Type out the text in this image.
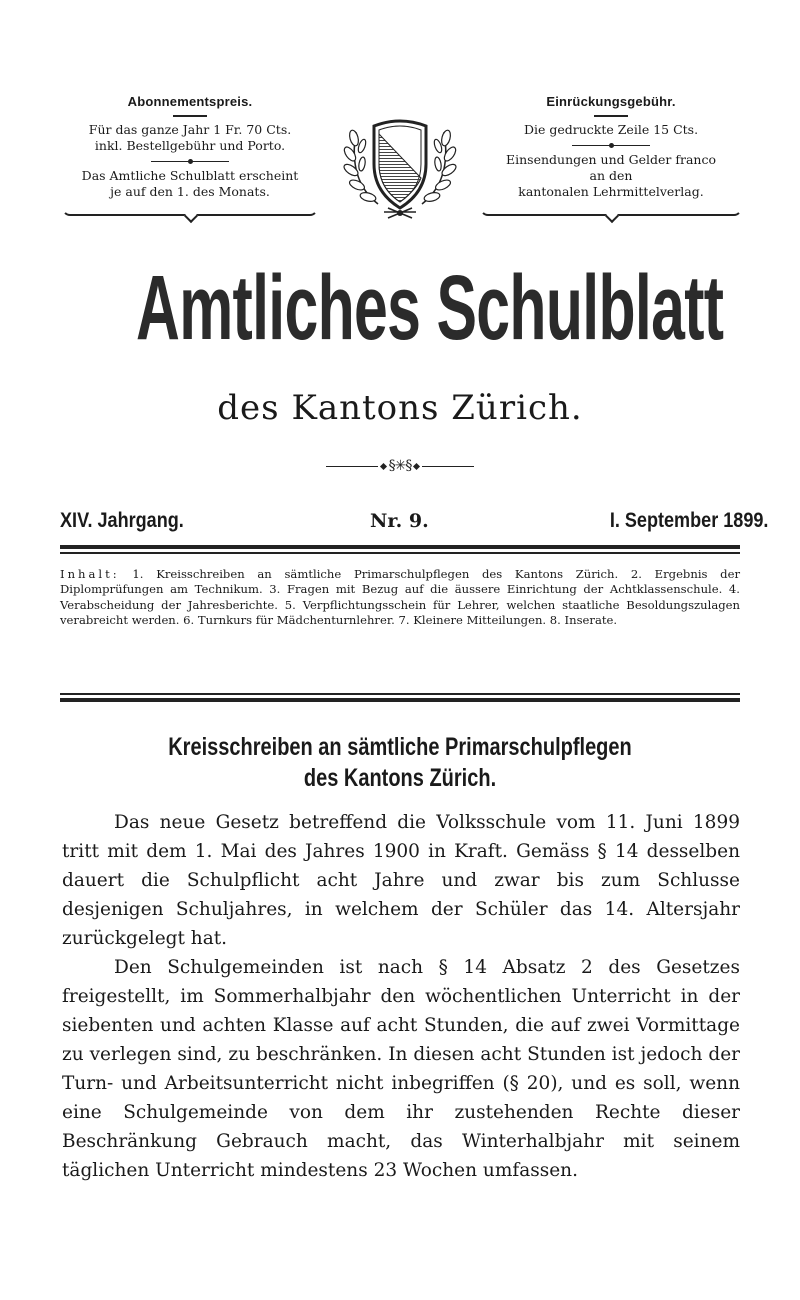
Abonnementspreis.
Für das ganze Jahr 1 Fr. 70 Cts.
inkl. Bestellgebühr und Porto.
Das Amtliche Schulblatt erscheint
je auf den 1. des Monats.
Einrückungsgebühr.
Die gedruckte Zeile 15 Cts.
Einsendungen und Gelder franco
an den
kantonalen Lehrmittelverlag.
Amtliches Schulblatt
des Kantons Zürich.
§✳§
XIV. Jahrgang.	Nr. 9.	I. September 1899.
Inhalt: 1. Kreisschreiben an sämtliche Primarschulpflegen des Kantons Zürich. 2. Ergebnis der Diplomprüfungen am Technikum. 3. Fragen mit Bezug auf die äussere Einrichtung der Achtklassenschule. 4. Verabscheidung der Jahresberichte. 5. Verpflichtungsschein für Lehrer, welchen staatliche Besoldungszulagen verabreicht werden. 6. Turnkurs für Mädchenturnlehrer. 7. Kleinere Mitteilungen. 8. Inserate.
Kreisschreiben an sämtliche Primarschulpflegen
des Kantons Zürich.

Das neue Gesetz betreffend die Volksschule vom 11. Juni 1899 tritt mit dem 1. Mai des Jahres 1900 in Kraft. Gemäss § 14 desselben dauert die Schulpflicht acht Jahre und zwar bis zum Schlusse desjenigen Schuljahres, in welchem der Schüler das 14. Altersjahr zurückgelegt hat.

Den Schulgemeinden ist nach § 14 Absatz 2 des Gesetzes freigestellt, im Sommerhalbjahr den wöchentlichen Unterricht in der siebenten und achten Klasse auf acht Stunden, die auf zwei Vormittage zu verlegen sind, zu beschränken. In diesen acht Stunden ist jedoch der Turn- und Arbeitsunterricht nicht inbegriffen (§ 20), und es soll, wenn eine Schulgemeinde von dem ihr zustehenden Rechte dieser Beschränkung Gebrauch macht, das Winterhalbjahr mit seinem täglichen Unterricht mindestens 23 Wochen umfassen.
